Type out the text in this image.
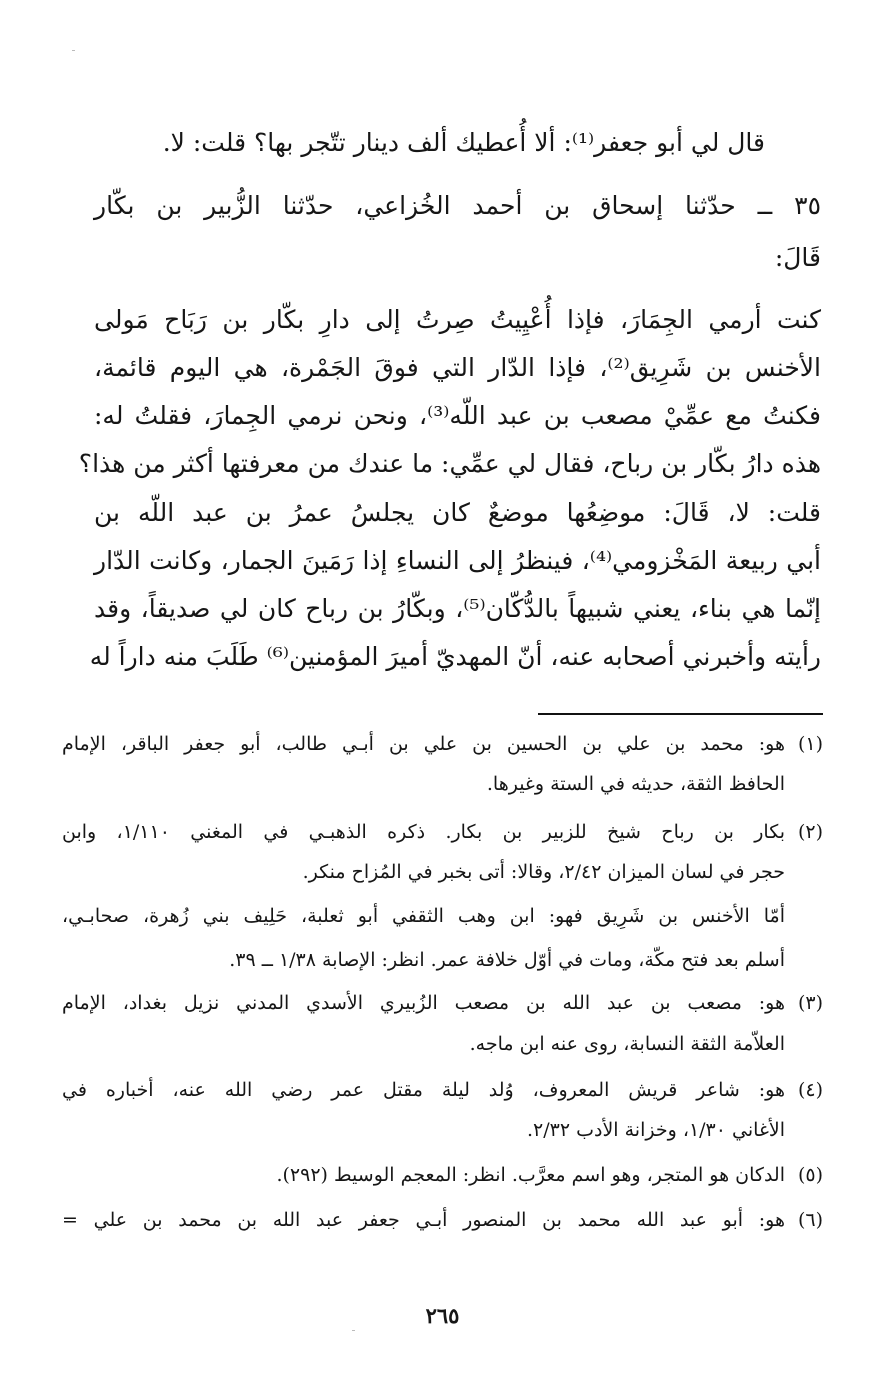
قال لي أبو جعفر⁽¹⁾: ألا أُعطيك ألف دينار تتّجر بها؟ قلت: لا.
٣٥ ــ حدّثنا إسحاق بن أحمد الخُزاعي، حدّثنا الزُّبير بن بكّار
قَالَ:
كنت أرمي الجِمَارَ، فإذا أُعْيِيتُ صِرتُ إلى دارِ بكّار بن رَبَاح مَولى
الأخنس بن شَرِيق⁽²⁾، فإذا الدّار التي فوقَ الجَمْرة، هي اليوم قائمة،
فكنتُ مع عمِّيْ مصعب بن عبد اللّه⁽³⁾، ونحن نرمي الجِمارَ، فقلتُ له:
هذه دارُ بكّار بن رباح، فقال لي عمِّي: ما عندك من معرفتها أكثر من هذا؟
قلت: لا، قَالَ: موضِعُها موضعٌ كان يجلسُ عمرُ بن عبد اللّه بن
أبي ربيعة المَخْزومي⁽⁴⁾، فينظرُ إلى النساءِ إذا رَمَينَ الجمار، وكانت الدّار
إنّما هي بناء، يعني شبيهاً بالدُّكّان⁽⁵⁾، وبكّارُ بن رباح كان لي صديقاً، وقد
رأيته وأخبرني أصحابه عنه، أنّ المهديّ أميرَ المؤمنين⁽⁶⁾ طَلَبَ منه داراً له
(١)
هو: محمد بن علي بن الحسين بن علي بن أبـي طالب، أبو جعفر الباقر، الإمام
الحافظ الثقة، حديثه في الستة وغيرها.
(٢)
بكار بن رباح شيخ للزبير بن بكار. ذكره الذهبـي في المغني ١/١١٠، وابن
حجر في لسان الميزان ٢/٤٢، وقالا: أتى بخبر في المُزاح منكر.
أمّا الأخنس بن شَرِيق فهو: ابن وهب الثقفي أبو ثعلبة، حَلِيف بني زُهرة، صحابـي،
أسلم بعد فتح مكّة، ومات في أوّل خلافة عمر. انظر: الإصابة ١/٣٨ ــ ٣٩.
(٣)
هو: مصعب بن عبد الله بن مصعب الزُبيري الأسدي المدني نزيل بغداد، الإمام
العلاّمة الثقة النسابة، روى عنه ابن ماجه.
(٤)
هو: شاعر قريش المعروف، وُلد ليلة مقتل عمر رضي الله عنه، أخباره في
الأغاني ١/٣٠، وخزانة الأدب ٢/٣٢.
(٥)
الدكان هو المتجر، وهو اسم معرَّب. انظر: المعجم الوسيط (٢٩٢).
(٦)
هو: أبو عبد الله محمد بن المنصور أبـي جعفر عبد الله بن محمد بن علي =
٢٦٥
